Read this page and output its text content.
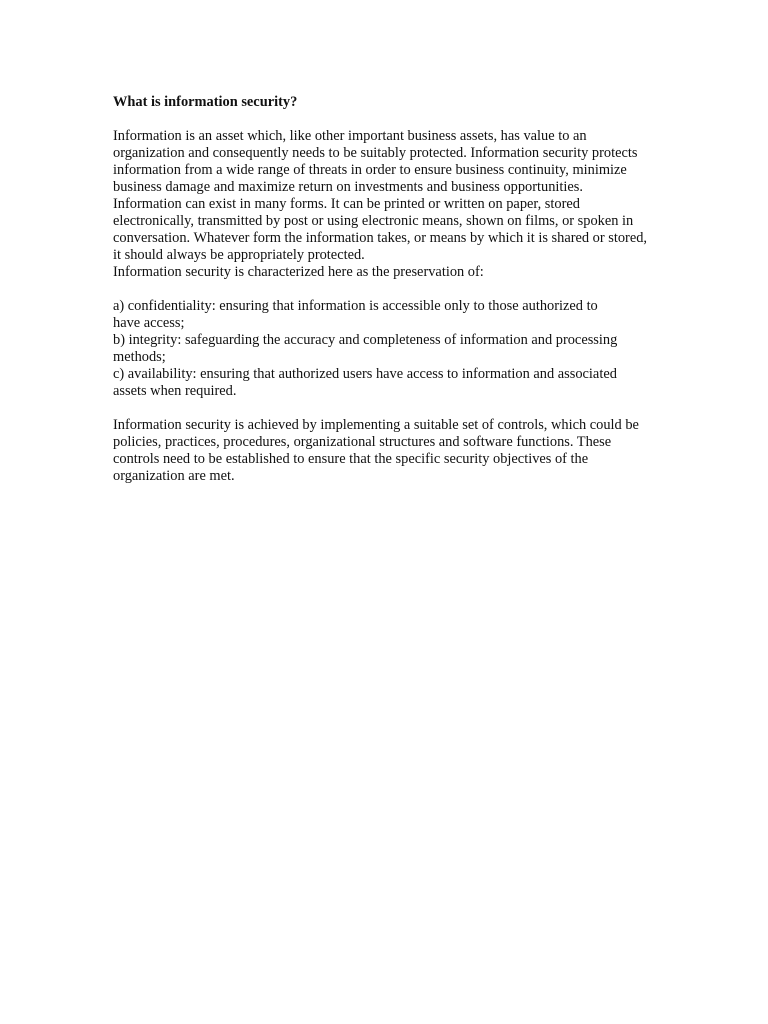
What is information security?
Information is an asset which, like other important business assets, has value to an
organization and consequently needs to be suitably protected. Information security protects
information from a wide range of threats in order to ensure business continuity, minimize
business damage and maximize return on investments and business opportunities.
Information can exist in many forms. It can be printed or written on paper, stored
electronically, transmitted by post or using electronic means, shown on films, or spoken in
conversation. Whatever form the information takes, or means by which it is shared or stored,
it should always be appropriately protected.
Information security is characterized here as the preservation of:
a) confidentiality: ensuring that information is accessible only to those authorized to
have access;
b) integrity: safeguarding the accuracy and completeness of information and processing
methods;
c) availability: ensuring that authorized users have access to information and associated
assets when required.
Information security is achieved by implementing a suitable set of controls, which could be
policies, practices, procedures, organizational structures and software functions. These
controls need to be established to ensure that the specific security objectives of the
organization are met.
